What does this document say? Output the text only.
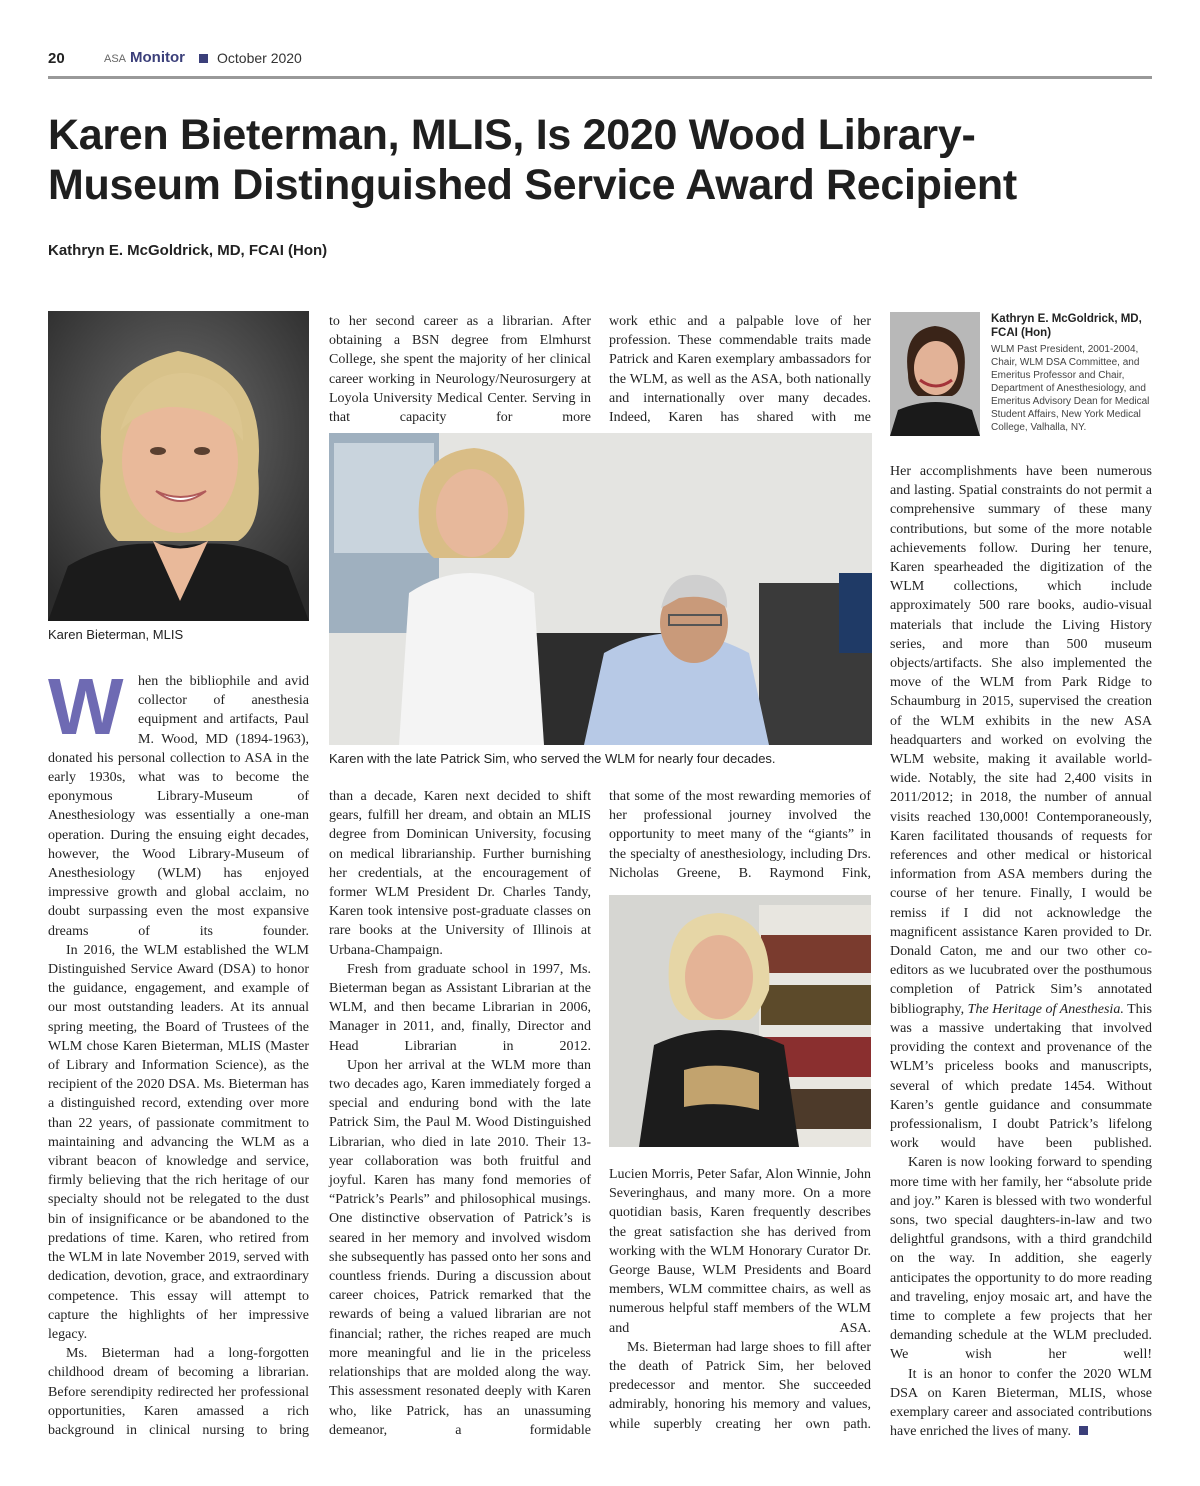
20	ASA Monitor October 2020
Karen Bieterman, MLIS, Is 2020 Wood Library-
Museum Distinguished Service Award Recipient
Kathryn E. McGoldrick, MD, FCAI (Hon)
Karen Bieterman, MLIS

W	hen the bibliophile and avid collector of anesthesia equipment and artifacts, Paul M. Wood, MD (1894-1963), donated his personal collection to ASA in the early 1930s, what was to become the eponymous Library-Museum of Anesthesiology was essentially a one-man operation. During the ensuing eight decades, however, the Wood Library-Museum of Anesthesiology (WLM) has enjoyed impressive growth and global acclaim, no doubt surpassing even the most expansive dreams of its founder.

In 2016, the WLM established the WLM Distinguished Service Award (DSA) to honor the guidance, engagement, and example of our most outstanding leaders. At its annual spring meeting, the Board of Trustees of the WLM chose Karen Bieterman, MLIS (Master of Library and Information Science), as the recipient of the 2020 DSA. Ms. Bieterman has a distinguished record, extending over more than 22 years, of passionate commitment to maintaining and advancing the WLM as a vibrant beacon of knowledge and service, firmly believing that the rich heritage of our specialty should not be relegated to the dust bin of insignificance or be abandoned to the predations of time. Karen, who retired from the WLM in late November 2019, served with dedication, devotion, grace, and extraordinary competence. This essay will attempt to capture the highlights of her impressive legacy.

Ms. Bieterman had a long-forgotten childhood dream of becoming a librarian. Before serendipity redirected her professional opportunities, Karen amassed a rich background in clinical nursing to bring

to her second career as a librarian. After obtaining a BSN degree from Elmhurst College, she spent the majority of her clinical career working in Neurology/Neurosurgery at Loyola University Medical Center. Serving in that capacity for more

work ethic and a palpable love of her profession. These commendable traits made Patrick and Karen exemplary ambassadors for the WLM, as well as the ASA, both nationally and internationally over many decades. Indeed, Karen has shared with me

Karen with the late Patrick Sim, who served the WLM for nearly four decades.

than a decade, Karen next decided to shift gears, fulfill her dream, and obtain an MLIS degree from Dominican University, focusing on medical librarianship. Further burnishing her credentials, at the encouragement of former WLM President Dr. Charles Tandy, Karen took intensive post-graduate classes on rare books at the University of Illinois at Urbana-Champaign.

Fresh from graduate school in 1997, Ms. Bieterman began as Assistant Librarian at the WLM, and then became Librarian in 2006, Manager in 2011, and, finally, Director and Head Librarian in 2012.

Upon her arrival at the WLM more than two decades ago, Karen immediately forged a special and enduring bond with the late Patrick Sim, the Paul M. Wood Distinguished Librarian, who died in late 2010. Their 13-year collaboration was both fruitful and joyful. Karen has many fond memories of “Patrick’s Pearls” and philosophical musings. One distinctive observation of Patrick’s is seared in her memory and involved wisdom she subsequently has passed onto her sons and countless friends. During a discussion about career choices, Patrick remarked that the rewards of being a valued librarian are not financial; rather, the riches reaped are much more meaningful and lie in the priceless relationships that are molded along the way. This assessment resonated deeply with Karen who, like Patrick, has an unassuming demeanor, a formidable

that some of the most rewarding memories of her professional journey involved the opportunity to meet many of the “giants” in the specialty of anesthesiology, including Drs. Nicholas Greene, B. Raymond Fink,

Lucien Morris, Peter Safar, Alon Winnie, John Severinghaus, and many more. On a more quotidian basis, Karen frequently describes the great satisfaction she has derived from working with the WLM Honorary Curator Dr. George Bause, WLM Presidents and Board members, WLM committee chairs, as well as numerous helpful staff members of the WLM and ASA.

Ms. Bieterman had large shoes to fill after the death of Patrick Sim, her beloved predecessor and mentor. She succeeded admirably, honoring his memory and values, while superbly creating her own path.

Kathryn E. McGoldrick, MD,
FCAI (Hon)
WLM Past President, 2001-2004,
Chair, WLM DSA Committee, and
Emeritus Professor and Chair,
Department of Anesthesiology, and
Emeritus Advisory Dean for Medical
Student Affairs, New York Medical
College, Valhalla, NY.

Her accomplishments have been numerous and lasting. Spatial constraints do not permit a comprehensive summary of these many contributions, but some of the more notable achievements follow. During her tenure, Karen spearheaded the digitization of the WLM collections, which include approximately 500 rare books, audio-visual materials that include the Living History series, and more than 500 museum objects/artifacts. She also implemented the move of the WLM from Park Ridge to Schaumburg in 2015, supervised the creation of the WLM exhibits in the new ASA headquarters and worked on evolving the WLM website, making it available world-wide. Notably, the site had 2,400 visits in 2011/2012; in 2018, the number of annual visits reached 130,000! Contemporaneously, Karen facilitated thousands of requests for references and other medical or historical information from ASA members during the course of her tenure. Finally, I would be remiss if I did not acknowledge the magnificent assistance Karen provided to Dr. Donald Caton, me and our two other co-editors as we lucubrated over the posthumous completion of Patrick Sim’s annotated bibliography, The Heritage of Anesthesia. This was a massive undertaking that involved providing the context and provenance of the WLM’s priceless books and manuscripts, several of which predate 1454. Without Karen’s gentle guidance and consummate professionalism, I doubt Patrick’s lifelong work would have been published.

Karen is now looking forward to spending more time with her family, her “absolute pride and joy.” Karen is blessed with two wonderful sons, two special daughters-in-law and two delightful grandsons, with a third grandchild on the way. In addition, she eagerly anticipates the opportunity to do more reading and traveling, enjoy mosaic art, and have the time to complete a few projects that her demanding schedule at the WLM precluded. We wish her well!

It is an honor to confer the 2020 WLM DSA on Karen Bieterman, MLIS, whose exemplary career and associated contributions have enriched the lives of many.
